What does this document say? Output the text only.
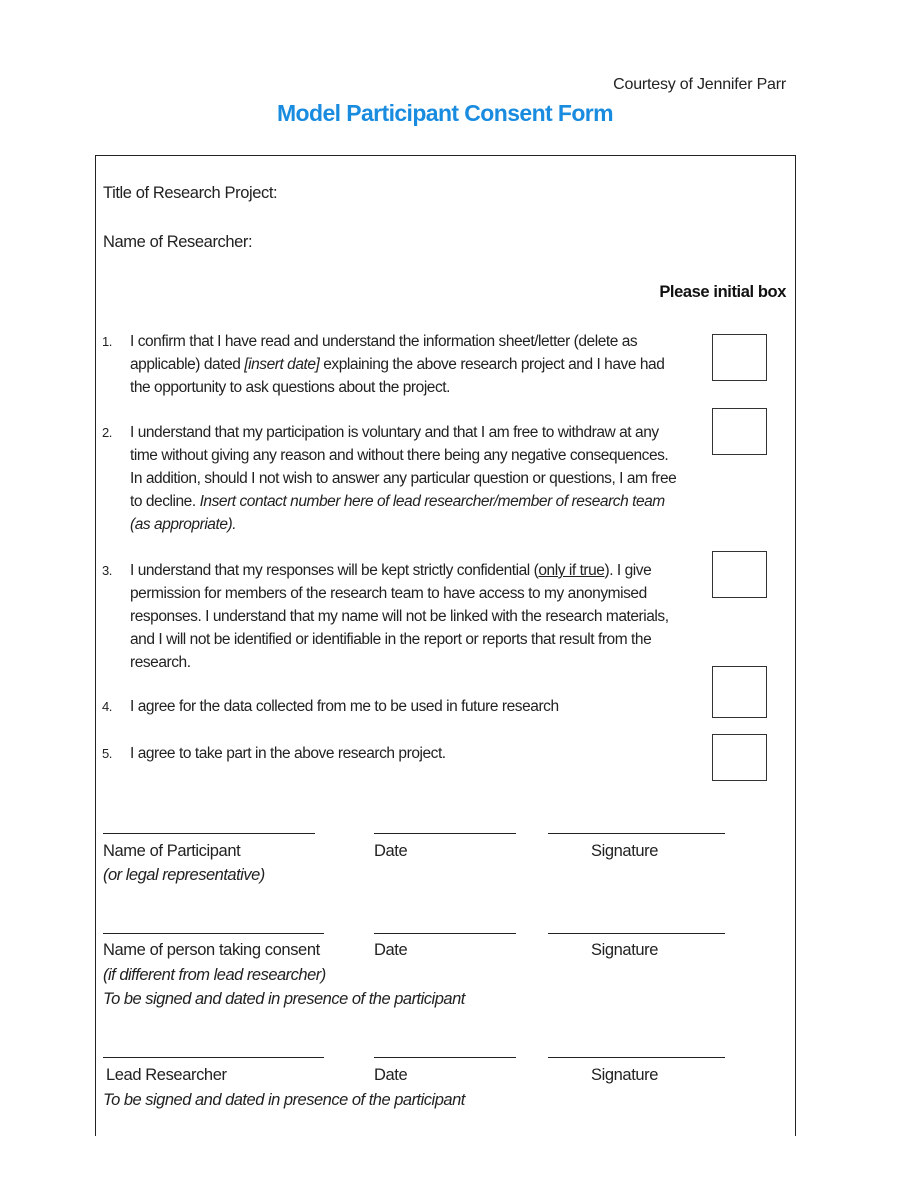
Courtesy of Jennifer Parr
Model Participant Consent Form
Title of Research Project:
Name of Researcher:
Please initial box
1. I confirm that I have read and understand the information sheet/letter (delete as applicable) dated [insert date] explaining the above research project and I have had the opportunity to ask questions about the project.
2. I understand that my participation is voluntary and that I am free to withdraw at any time without giving any reason and without there being any negative consequences. In addition, should I not wish to answer any particular question or questions, I am free to decline. Insert contact number here of lead researcher/member of research team (as appropriate).
3. I understand that my responses will be kept strictly confidential (only if true). I give permission for members of the research team to have access to my anonymised responses. I understand that my name will not be linked with the research materials, and I will not be identified or identifiable in the report or reports that result from the research.
4. I agree for the data collected from me to be used in future research
5. I agree to take part in the above research project.
Name of Participant	Date	Signature
(or legal representative)
Name of person taking consent	Date	Signature
(if different from lead researcher)
To be signed and dated in presence of the participant
Lead Researcher	Date	Signature
To be signed and dated in presence of the participant
